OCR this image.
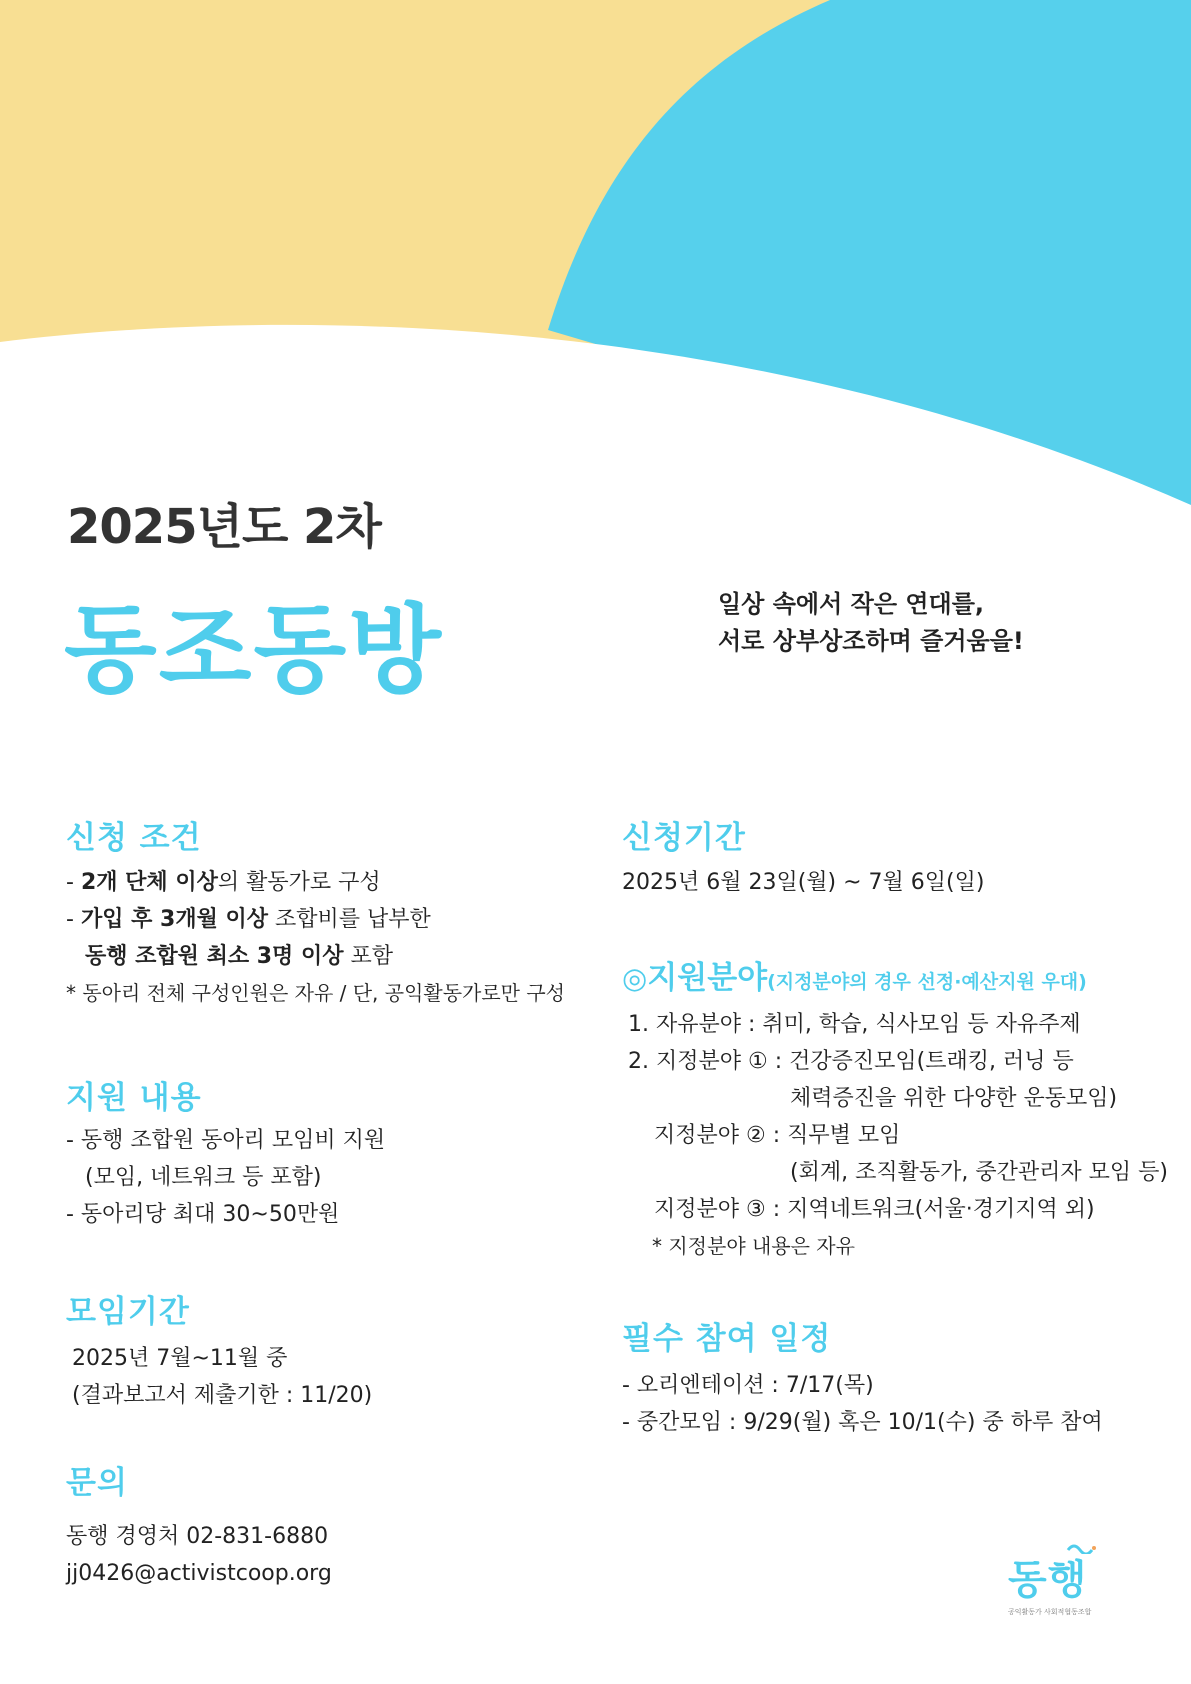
2025년도 2차
동조동방	일상 속에서 작은 연대를,
서로 상부상조하며 즐거움을!
신청 조건
- 2개 단체 이상의 활동가로 구성
- 가입 후 3개월 이상 조합비를 납부한
동행 조합원 최소 3명 이상 포함
* 동아리 전체 구성인원은 자유 / 단, 공익활동가로만 구성
지원 내용
- 동행 조합원 동아리 모임비 지원
(모임, 네트워크 등 포함)
- 동아리당 최대 30~50만원
모임기간
2025년 7월~11월 중
(결과보고서 제출기한 : 11/20)
문의
동행 경영처 02-831-6880
jj0426@activistcoop.org
신청기간
2025년 6월 23일(월) ~ 7월 6일(일)
◎지원분야(지정분야의 경우 선정·예산지원 우대)
1. 자유분야 : 취미, 학습, 식사모임 등 자유주제
2. 지정분야 ① : 건강증진모임(트래킹, 러닝 등
체력증진을 위한 다양한 운동모임)
지정분야 ② : 직무별 모임
(회계, 조직활동가, 중간관리자 모임 등)
지정분야 ③ : 지역네트워크(서울·경기지역 외)
* 지정분야 내용은 자유
필수 참여 일정
- 오리엔테이션 : 7/17(목)
- 중간모임 : 9/29(월) 혹은 10/1(수) 중 하루 참여
동행
공익활동가 사회적협동조합
